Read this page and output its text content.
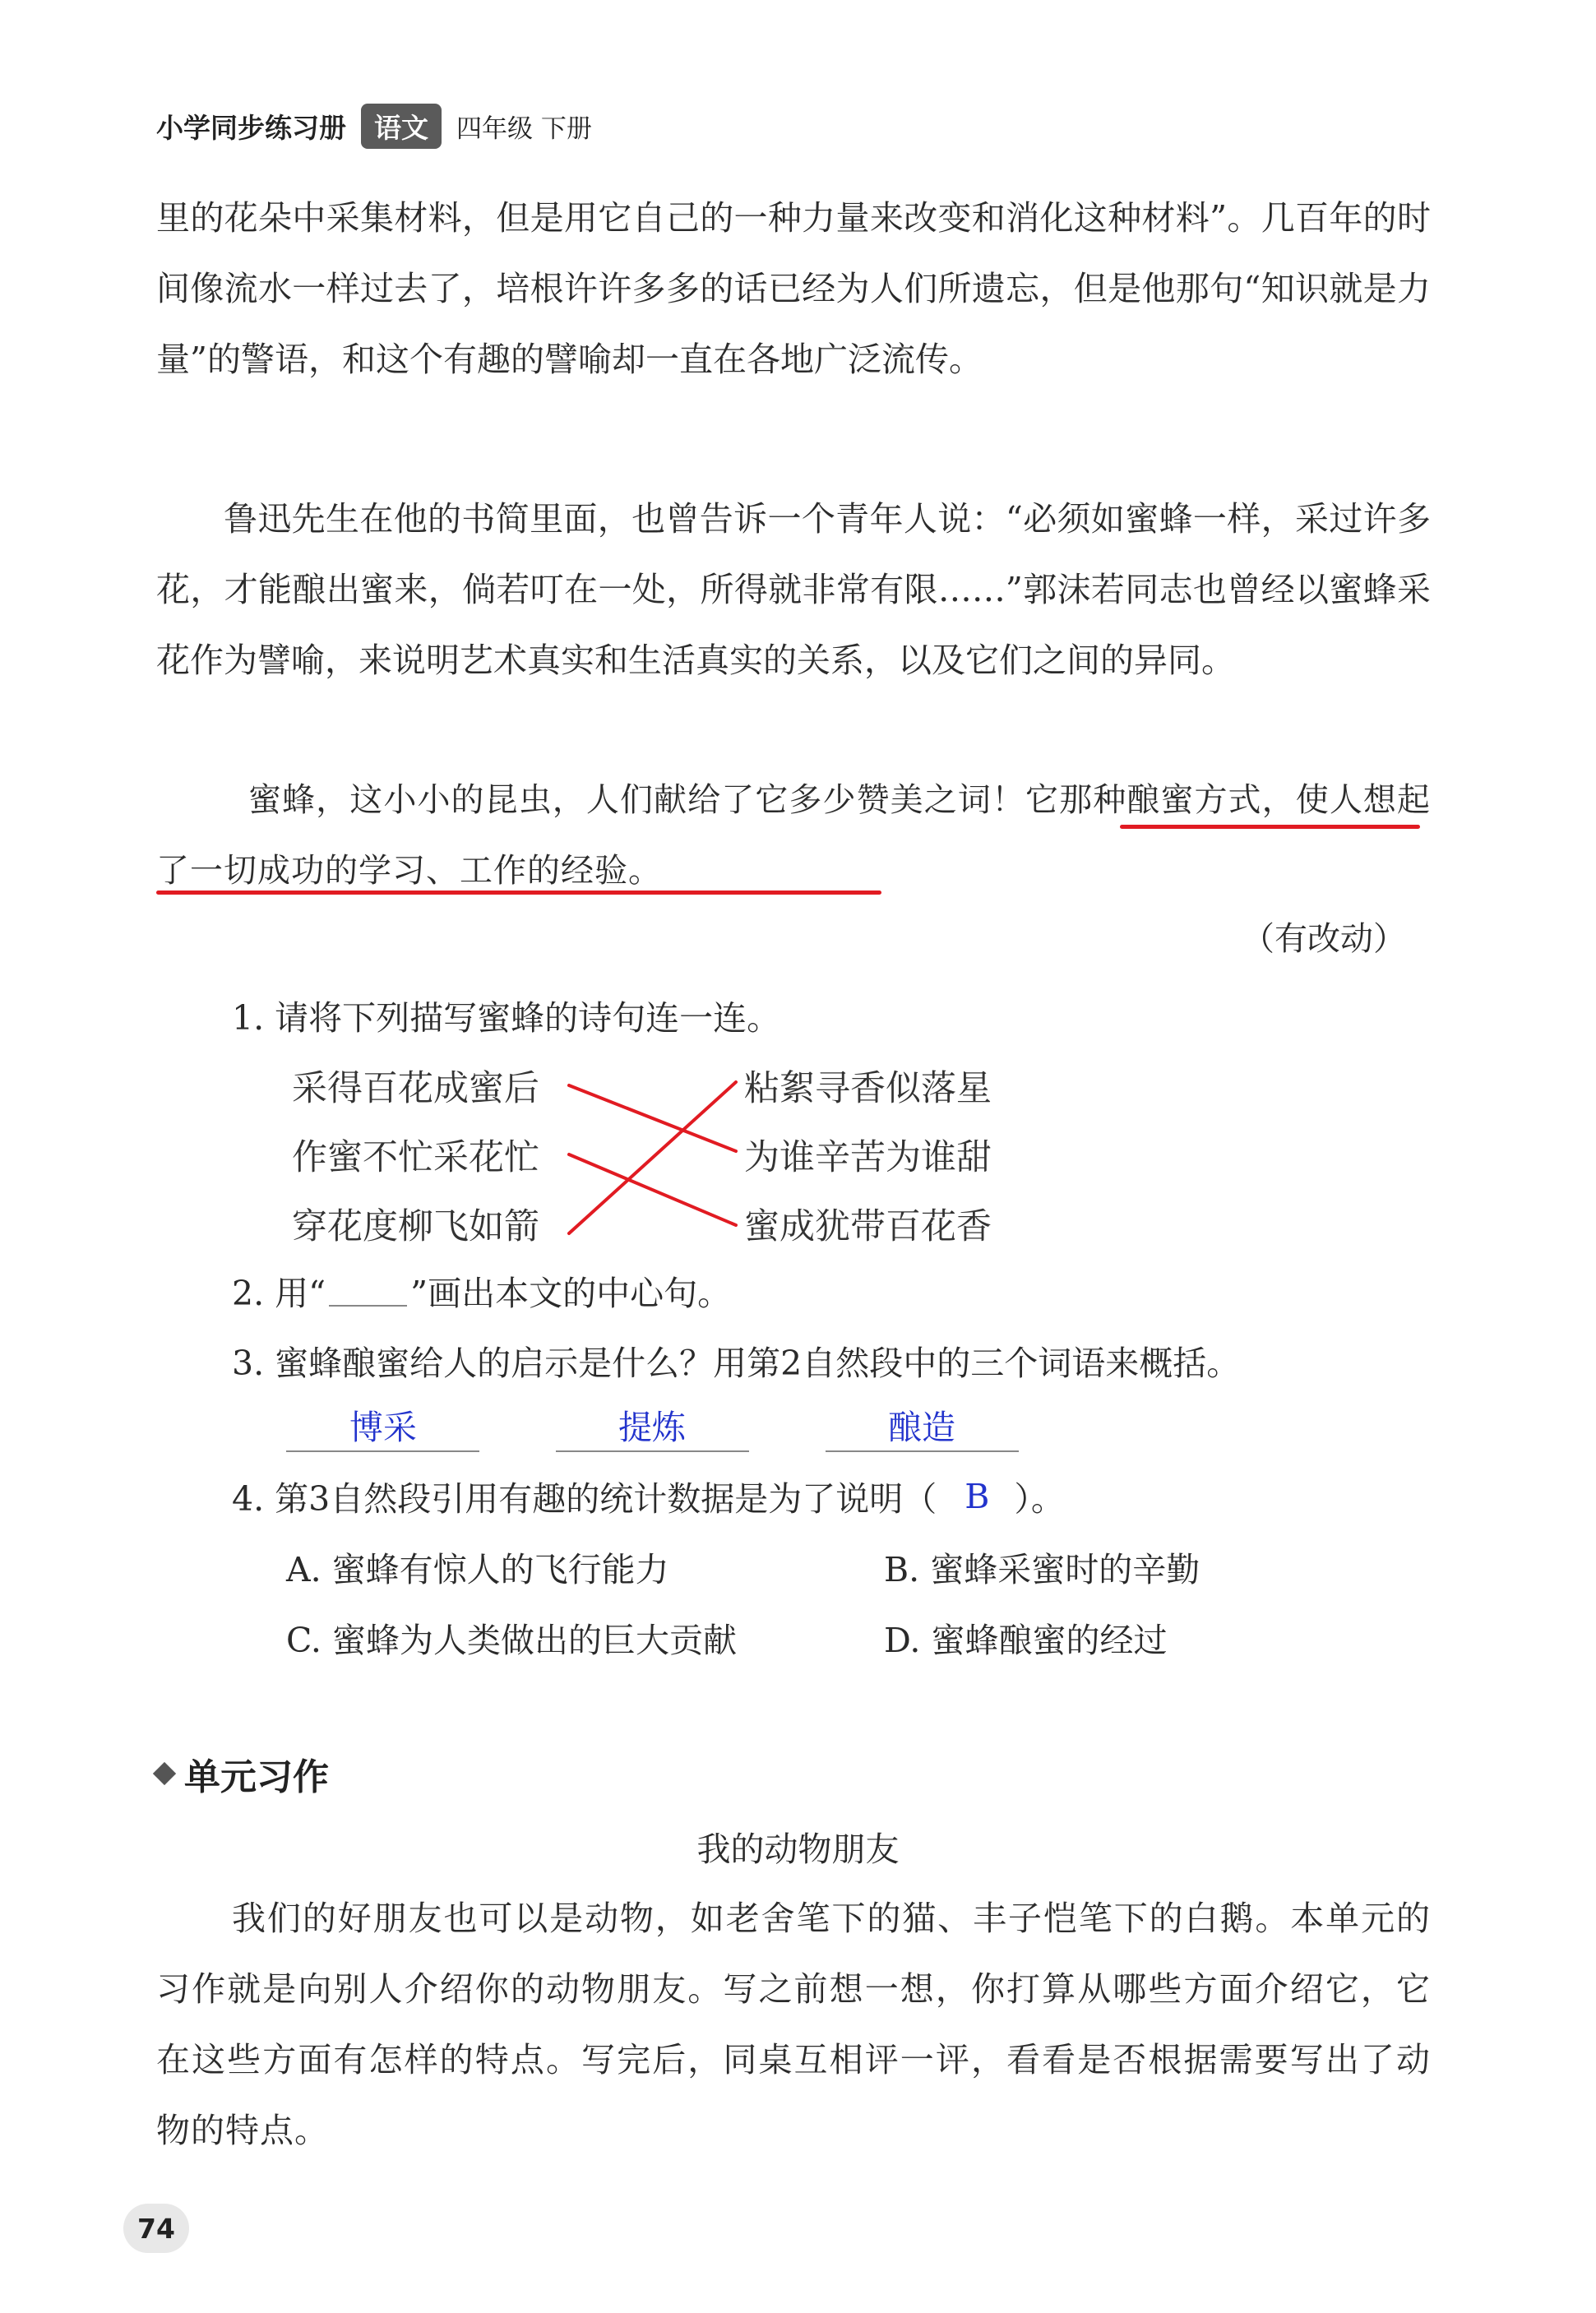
小学同步练习册	语文	四年级 下册
里的花朵中采集材料，但是用它自己的一种力量来改变和消化这种材料”。几百年的时间像流水一样过去了，培根许许多多的话已经为人们所遗忘，但是他那句“知识就是力量”的警语，和这个有趣的譬喻却一直在各地广泛流传。
鲁迅先生在他的书简里面，也曾告诉一个青年人说：“必须如蜜蜂一样，采过许多花，才能酿出蜜来，倘若叮在一处，所得就非常有限……”郭沫若同志也曾经以蜜蜂采花作为譬喻，来说明艺术真实和生活真实的关系，以及它们之间的异同。
蜜蜂，这小小的昆虫，人们献给了它多少赞美之词！它那种酿蜜方式，使人想起了一切成功的学习、工作的经验。
（有改动）
1. 请将下列描写蜜蜂的诗句连一连。
采得百花成蜜后
作蜜不忙采花忙
穿花度柳飞如箭
粘絮寻香似落星
为谁辛苦为谁甜
蜜成犹带百花香
2. 用“	”画出本文的中心句。
3. 蜜蜂酿蜜给人的启示是什么？用第2自然段中的三个词语来概括。
博采	提炼	酿造
4. 第3自然段引用有趣的统计数据是为了说明（ B ）。
A. 蜜蜂有惊人的飞行能力	B. 蜜蜂采蜜时的辛勤
C. 蜜蜂为人类做出的巨大贡献	D. 蜜蜂酿蜜的经过
单元习作
我的动物朋友
我们的好朋友也可以是动物，如老舍笔下的猫、丰子恺笔下的白鹅。本单元的习作就是向别人介绍你的动物朋友。写之前想一想，你打算从哪些方面介绍它，它在这些方面有怎样的特点。写完后，同桌互相评一评，看看是否根据需要写出了动物的特点。
74
